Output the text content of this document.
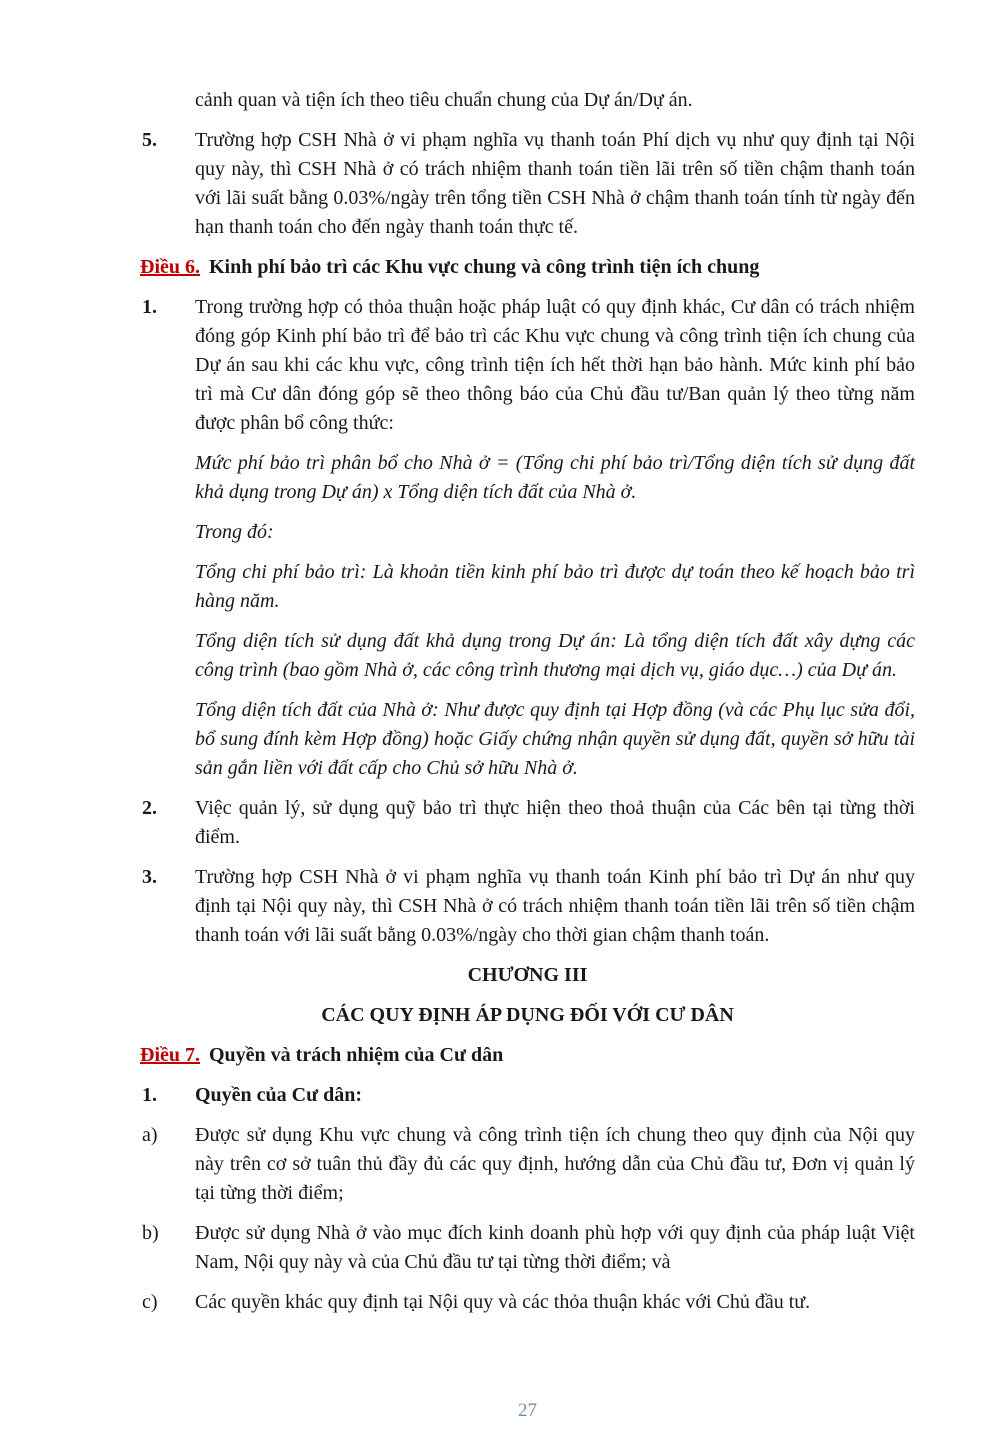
cảnh quan và tiện ích theo tiêu chuẩn chung của Dự án/Dự án.

5. Trường hợp CSH Nhà ở vi phạm nghĩa vụ thanh toán Phí dịch vụ như quy định tại Nội quy này, thì CSH Nhà ở có trách nhiệm thanh toán tiền lãi trên số tiền chậm thanh toán với lãi suất bằng 0.03%/ngày trên tổng tiền CSH Nhà ở chậm thanh toán tính từ ngày đến hạn thanh toán cho đến ngày thanh toán thực tế.

Điều 6. Kinh phí bảo trì các Khu vực chung và công trình tiện ích chung

1. Trong trường hợp có thỏa thuận hoặc pháp luật có quy định khác, Cư dân có trách nhiệm đóng góp Kinh phí bảo trì để bảo trì các Khu vực chung và công trình tiện ích chung của Dự án sau khi các khu vực, công trình tiện ích hết thời hạn bảo hành. Mức kinh phí bảo trì mà Cư dân đóng góp sẽ theo thông báo của Chủ đầu tư/Ban quản lý theo từng năm được phân bổ công thức:

Mức phí bảo trì phân bổ cho Nhà ở = (Tổng chi phí bảo trì/Tổng diện tích sử dụng đất khả dụng trong Dự án) x Tổng diện tích đất của Nhà ở.

Trong đó:

Tổng chi phí bảo trì: Là khoản tiền kinh phí bảo trì được dự toán theo kế hoạch bảo trì hàng năm.

Tổng diện tích sử dụng đất khả dụng trong Dự án: Là tổng diện tích đất xây dựng các công trình (bao gồm Nhà ở, các công trình thương mại dịch vụ, giáo dục…) của Dự án.

Tổng diện tích đất của Nhà ở: Như được quy định tại Hợp đồng (và các Phụ lục sửa đổi, bổ sung đính kèm Hợp đồng) hoặc Giấy chứng nhận quyền sử dụng đất, quyền sở hữu tài sản gắn liền với đất cấp cho Chủ sở hữu Nhà ở.

2. Việc quản lý, sử dụng quỹ bảo trì thực hiện theo thoả thuận của Các bên tại từng thời điểm.
3. Trường hợp CSH Nhà ở vi phạm nghĩa vụ thanh toán Kinh phí bảo trì Dự án như quy định tại Nội quy này, thì CSH Nhà ở có trách nhiệm thanh toán tiền lãi trên số tiền chậm thanh toán với lãi suất bằng 0.03%/ngày cho thời gian chậm thanh toán.

CHƯƠNG III

CÁC QUY ĐỊNH ÁP DỤNG ĐỐI VỚI CƯ DÂN

Điều 7. Quyền và trách nhiệm của Cư dân

1. Quyền của Cư dân:
a) Được sử dụng Khu vực chung và công trình tiện ích chung theo quy định của Nội quy này trên cơ sở tuân thủ đầy đủ các quy định, hướng dẫn của Chủ đầu tư, Đơn vị quản lý tại từng thời điểm;
b) Được sử dụng Nhà ở vào mục đích kinh doanh phù hợp với quy định của pháp luật Việt Nam, Nội quy này và của Chủ đầu tư tại từng thời điểm; và
c) Các quyền khác quy định tại Nội quy và các thỏa thuận khác với Chủ đầu tư.
27
